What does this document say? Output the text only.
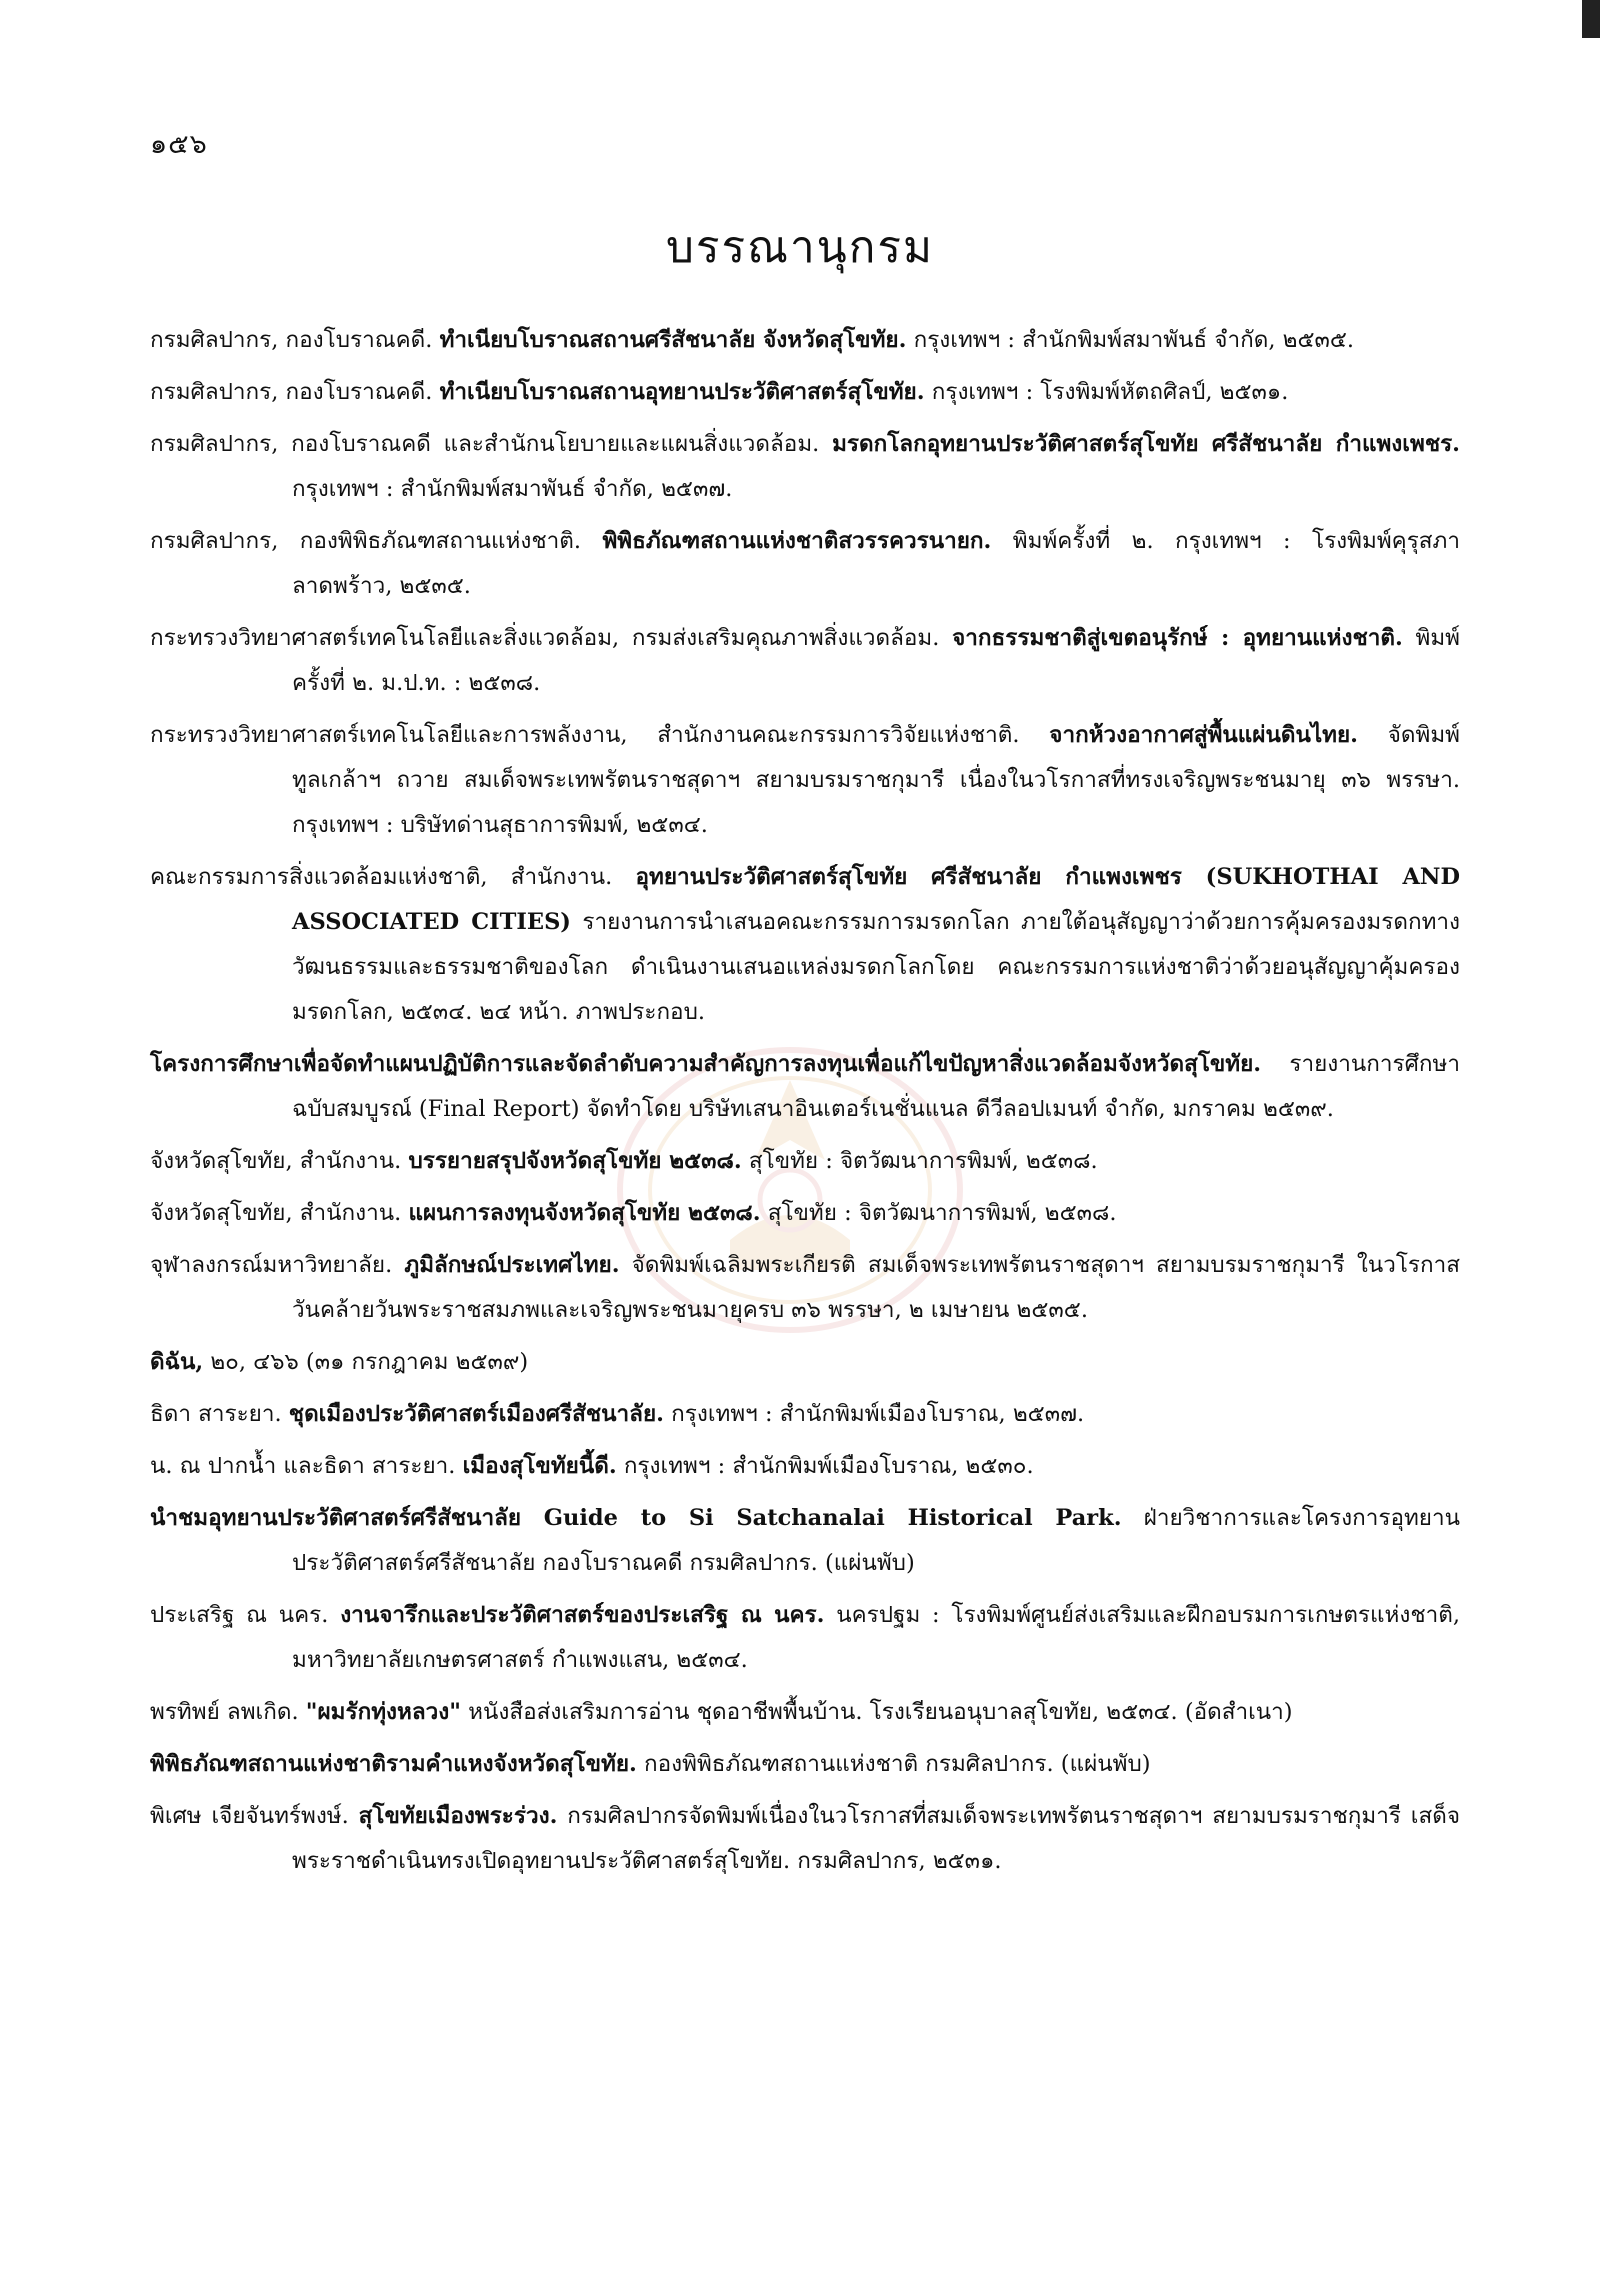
๑๕๖
บรรณานุกรม

กรมศิลปากร, กองโบราณคดี. ทำเนียบโบราณสถานศรีสัชนาลัย จังหวัดสุโขทัย. กรุงเทพฯ : สำนักพิมพ์สมาพันธ์ จำกัด, ๒๕๓๕.

กรมศิลปากร, กองโบราณคดี. ทำเนียบโบราณสถานอุทยานประวัติศาสตร์สุโขทัย. กรุงเทพฯ : โรงพิมพ์หัตถศิลป์, ๒๕๓๑.

กรมศิลปากร, กองโบราณคดี และสำนักนโยบายและแผนสิ่งแวดล้อม. มรดกโลกอุทยานประวัติศาสตร์สุโขทัย ศรีสัชนาลัย กำแพงเพชร. กรุงเทพฯ : สำนักพิมพ์สมาพันธ์ จำกัด, ๒๕๓๗.

กรมศิลปากร, กองพิพิธภัณฑสถานแห่งชาติ. พิพิธภัณฑสถานแห่งชาติสวรรควรนายก. พิมพ์ครั้งที่ ๒. กรุงเทพฯ : โรงพิมพ์คุรุสภาลาดพร้าว, ๒๕๓๕.

กระทรวงวิทยาศาสตร์เทคโนโลยีและสิ่งแวดล้อม, กรมส่งเสริมคุณภาพสิ่งแวดล้อม. จากธรรมชาติสู่เขตอนุรักษ์ : อุทยานแห่งชาติ. พิมพ์ครั้งที่ ๒. ม.ป.ท. : ๒๕๓๘.

กระทรวงวิทยาศาสตร์เทคโนโลยีและการพลังงาน, สำนักงานคณะกรรมการวิจัยแห่งชาติ. จากห้วงอากาศสู่พื้นแผ่นดินไทย. จัดพิมพ์ทูลเกล้าฯ ถวาย สมเด็จพระเทพรัตนราชสุดาฯ สยามบรมราชกุมารี เนื่องในวโรกาสที่ทรงเจริญพระชนมายุ ๓๖ พรรษา. กรุงเทพฯ : บริษัทด่านสุธาการพิมพ์, ๒๕๓๔.

คณะกรรมการสิ่งแวดล้อมแห่งชาติ, สำนักงาน. อุทยานประวัติศาสตร์สุโขทัย ศรีสัชนาลัย กำแพงเพชร (SUKHOTHAI AND ASSOCIATED CITIES) รายงานการนำเสนอคณะกรรมการมรดกโลก ภายใต้อนุสัญญาว่าด้วยการคุ้มครองมรดกทางวัฒนธรรมและธรรมชาติของโลก ดำเนินงานเสนอแหล่งมรดกโลกโดย คณะกรรมการแห่งชาติว่าด้วยอนุสัญญาคุ้มครองมรดกโลก, ๒๕๓๔. ๒๔ หน้า. ภาพประกอบ.

โครงการศึกษาเพื่อจัดทำแผนปฏิบัติการและจัดลำดับความสำคัญการลงทุนเพื่อแก้ไขปัญหาสิ่งแวดล้อมจังหวัดสุโขทัย. รายงานการศึกษาฉบับสมบูรณ์ (Final Report) จัดทำโดย บริษัทเสนาอินเตอร์เนชั่นแนล ดีวีลอปเมนท์ จำกัด, มกราคม ๒๕๓๙.

จังหวัดสุโขทัย, สำนักงาน. บรรยายสรุปจังหวัดสุโขทัย ๒๕๓๘. สุโขทัย : จิตวัฒนาการพิมพ์, ๒๕๓๘.

จังหวัดสุโขทัย, สำนักงาน. แผนการลงทุนจังหวัดสุโขทัย ๒๕๓๘. สุโขทัย : จิตวัฒนาการพิมพ์, ๒๕๓๘.

จุฬาลงกรณ์มหาวิทยาลัย. ภูมิลักษณ์ประเทศไทย. จัดพิมพ์เฉลิมพระเกียรติ สมเด็จพระเทพรัตนราชสุดาฯ สยามบรมราชกุมารี ในวโรกาสวันคล้ายวันพระราชสมภพและเจริญพระชนมายุครบ ๓๖ พรรษา, ๒ เมษายน ๒๕๓๕.

ดิฉัน, ๒๐, ๔๖๖ (๓๑ กรกฎาคม ๒๕๓๙)

ธิดา สาระยา. ชุดเมืองประวัติศาสตร์เมืองศรีสัชนาลัย. กรุงเทพฯ : สำนักพิมพ์เมืองโบราณ, ๒๕๓๗.

น. ณ ปากน้ำ และธิดา สาระยา. เมืองสุโขทัยนี้ดี. กรุงเทพฯ : สำนักพิมพ์เมืองโบราณ, ๒๕๓๐.

นำชมอุทยานประวัติศาสตร์ศรีสัชนาลัย Guide to Si Satchanalai Historical Park. ฝ่ายวิชาการและโครงการอุทยานประวัติศาสตร์ศรีสัชนาลัย กองโบราณคดี กรมศิลปากร. (แผ่นพับ)

ประเสริฐ ณ นคร. งานจารึกและประวัติศาสตร์ของประเสริฐ ณ นคร. นครปฐม : โรงพิมพ์ศูนย์ส่งเสริมและฝึกอบรมการเกษตรแห่งชาติ, มหาวิทยาลัยเกษตรศาสตร์ กำแพงแสน, ๒๕๓๔.

พรทิพย์ ลพเกิด. "ผมรักทุ่งหลวง" หนังสือส่งเสริมการอ่าน ชุดอาชีพพื้นบ้าน. โรงเรียนอนุบาลสุโขทัย, ๒๕๓๔. (อัดสำเนา)

พิพิธภัณฑสถานแห่งชาติรามคำแหงจังหวัดสุโขทัย. กองพิพิธภัณฑสถานแห่งชาติ กรมศิลปากร. (แผ่นพับ)

พิเศษ เจียจันทร์พงษ์. สุโขทัยเมืองพระร่วง. กรมศิลปากรจัดพิมพ์เนื่องในวโรกาสที่สมเด็จพระเทพรัตนราชสุดาฯ สยามบรมราชกุมารี เสด็จพระราชดำเนินทรงเปิดอุทยานประวัติศาสตร์สุโขทัย. กรมศิลปากร, ๒๕๓๑.
